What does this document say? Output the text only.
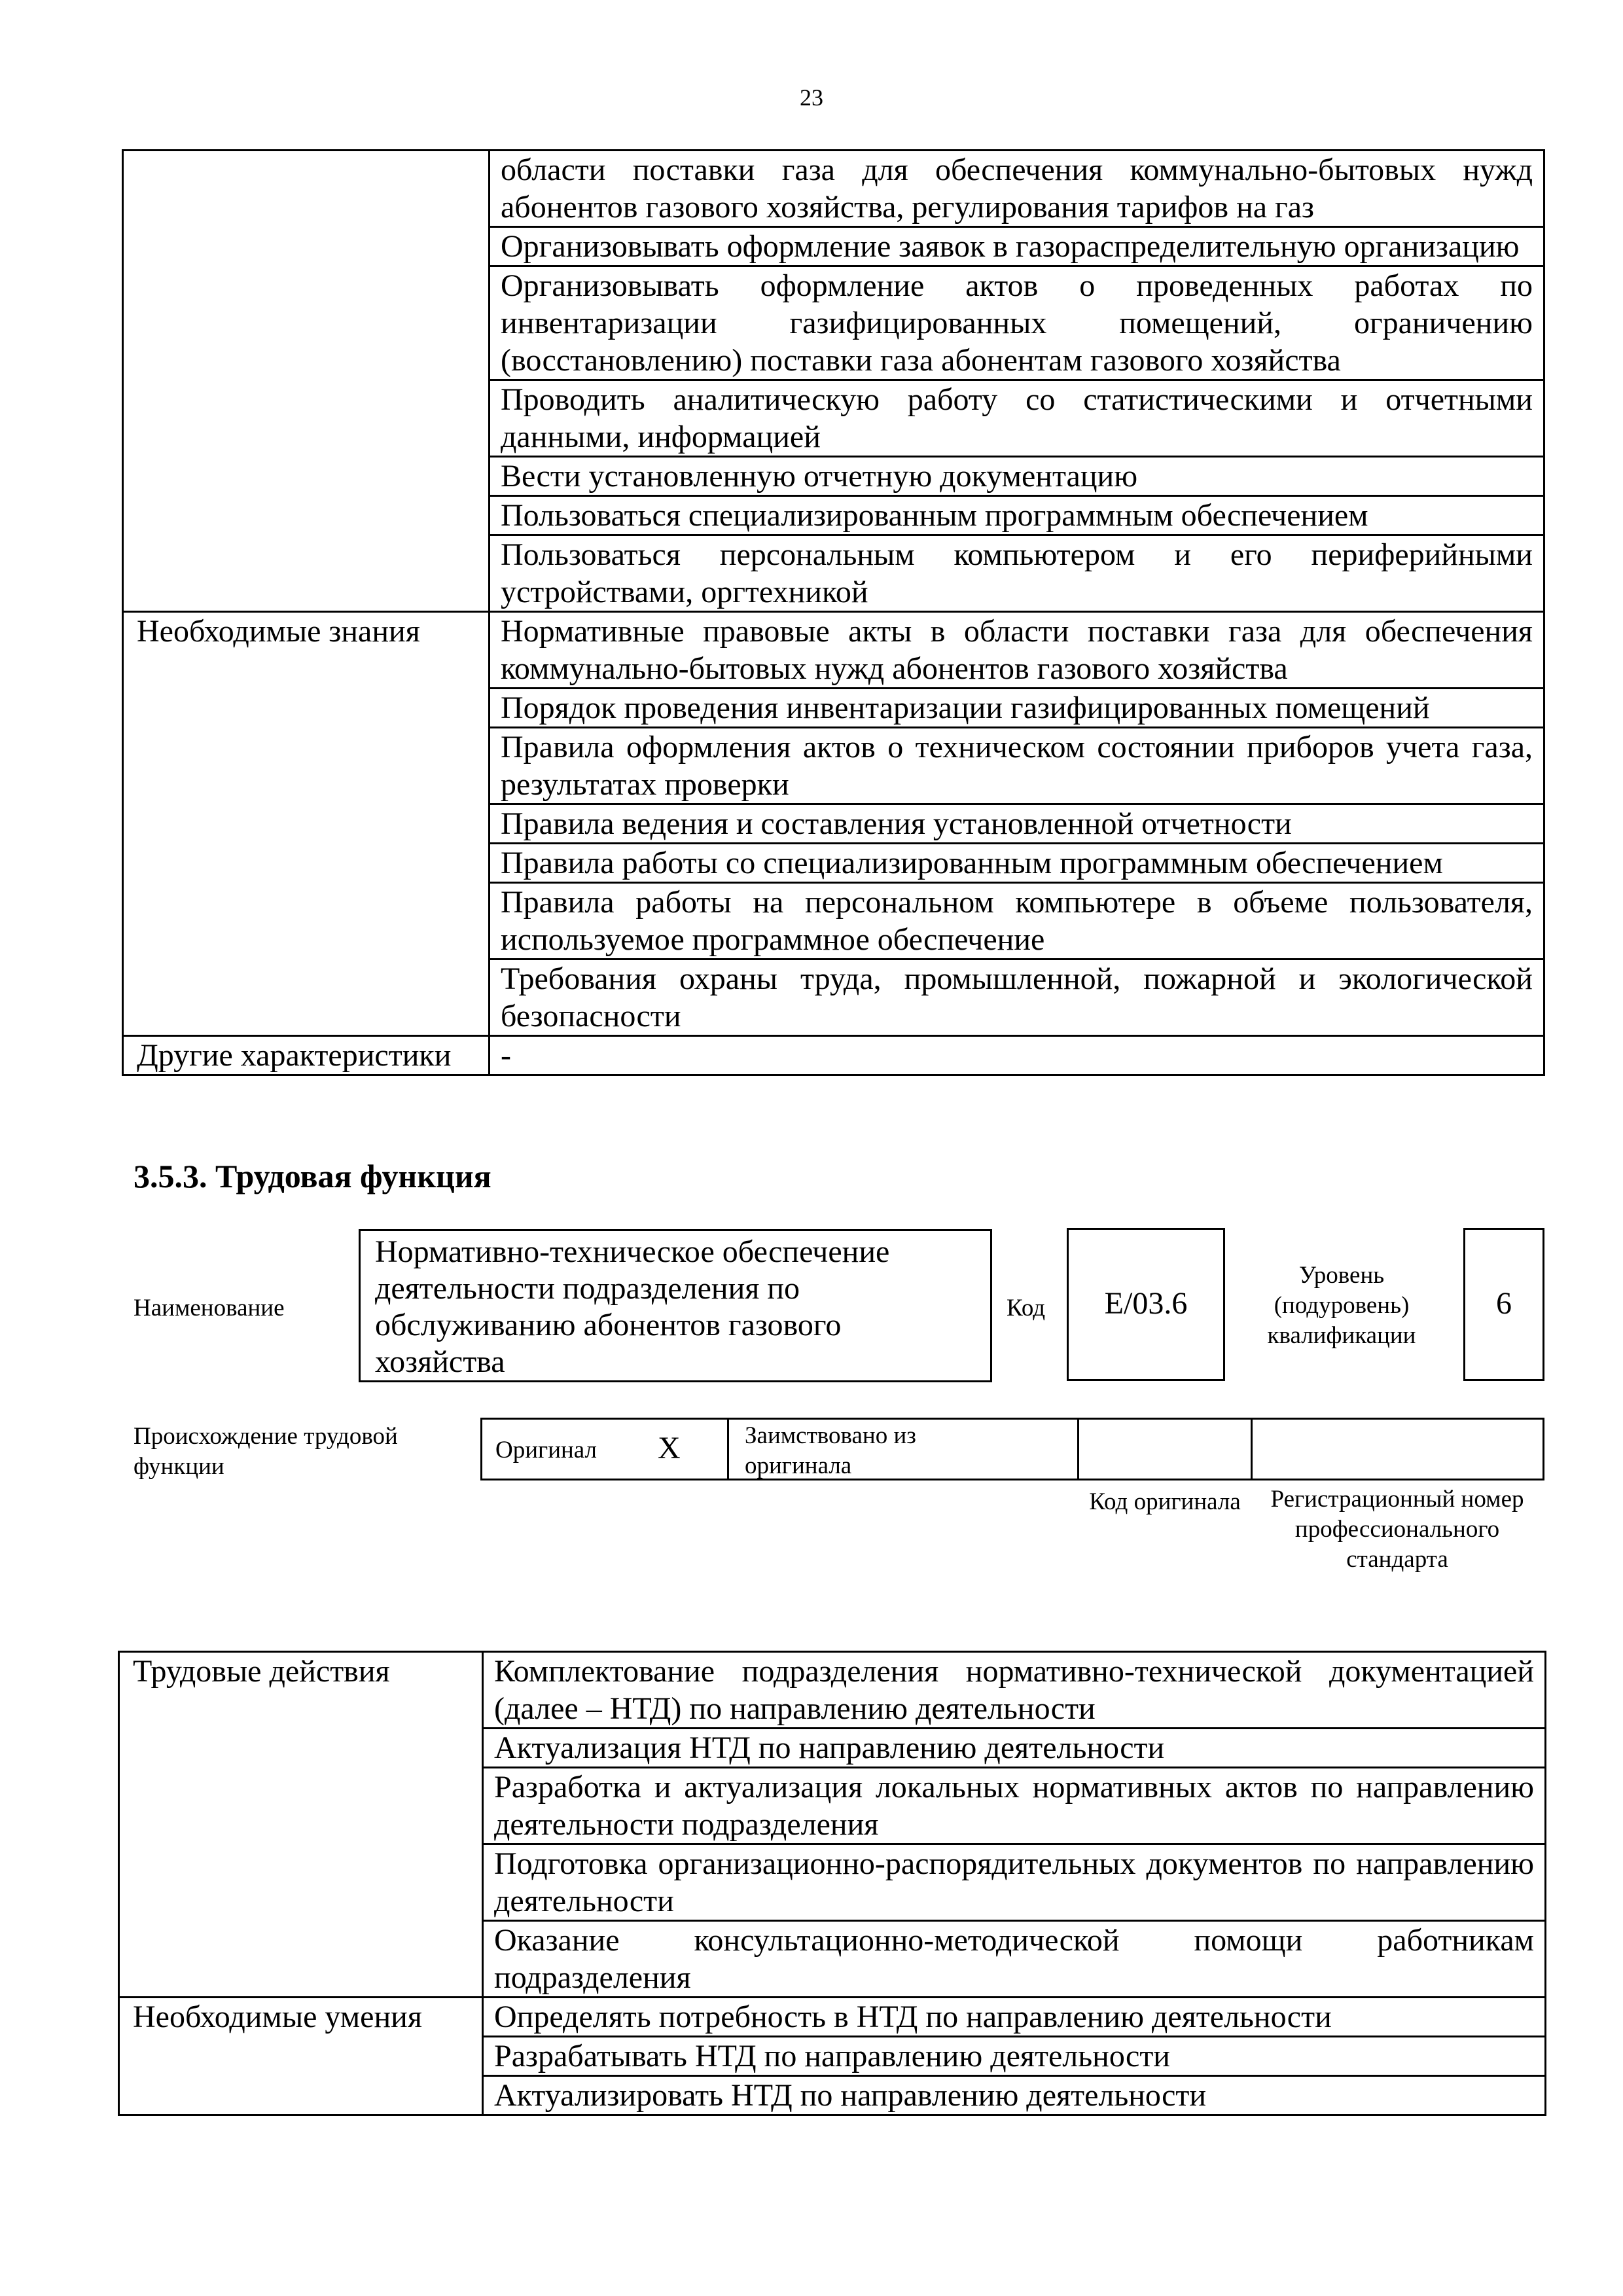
23
	области поставки газа для обеспечения коммунально-бытовых нужд абонентов газового хозяйства, регулирования тарифов на газ
	Организовывать оформление заявок в газораспределительную организацию
	Организовывать оформление актов о проведенных работах по инвентаризации газифицированных помещений, ограничению (восстановлению) поставки газа абонентам газового хозяйства
	Проводить аналитическую работу со статистическими и отчетными данными, информацией
	Вести установленную отчетную документацию
	Пользоваться специализированным программным обеспечением
	Пользоваться персональным компьютером и его периферийными устройствами, оргтехникой
Необходимые знания	Нормативные правовые акты в области поставки газа для обеспечения коммунально-бытовых нужд абонентов газового хозяйства
	Порядок проведения инвентаризации газифицированных помещений
	Правила оформления актов о техническом состоянии приборов учета газа, результатах проверки
	Правила ведения и составления установленной отчетности
	Правила работы со специализированным программным обеспечением
	Правила работы на персональном компьютере в объеме пользователя, используемое программное обеспечение
	Требования охраны труда, промышленной, пожарной и экологической безопасности
Другие характеристики	-
3.5.3. Трудовая функция
Наименование
Нормативно-техническое обеспечение деятельности подразделения по обслуживанию абонентов газового хозяйства
Код	E/03.6
Уровень (подуровень) квалификации
6
Происхождение трудовой функции
Оригинал X	Заимствовано из оригинала
Код оригинала	Регистрационный номер профессионального стандарта
Трудовые действия	Комплектование подразделения нормативно-технической документацией (далее – НТД) по направлению деятельности
	Актуализация НТД по направлению деятельности
	Разработка и актуализация локальных нормативных актов по направлению деятельности подразделения
	Подготовка организационно-распорядительных документов по направлению деятельности
	Оказание консультационно-методической помощи работникам подразделения
Необходимые умения	Определять потребность в НТД по направлению деятельности
	Разрабатывать НТД по направлению деятельности
	Актуализировать НТД по направлению деятельности
